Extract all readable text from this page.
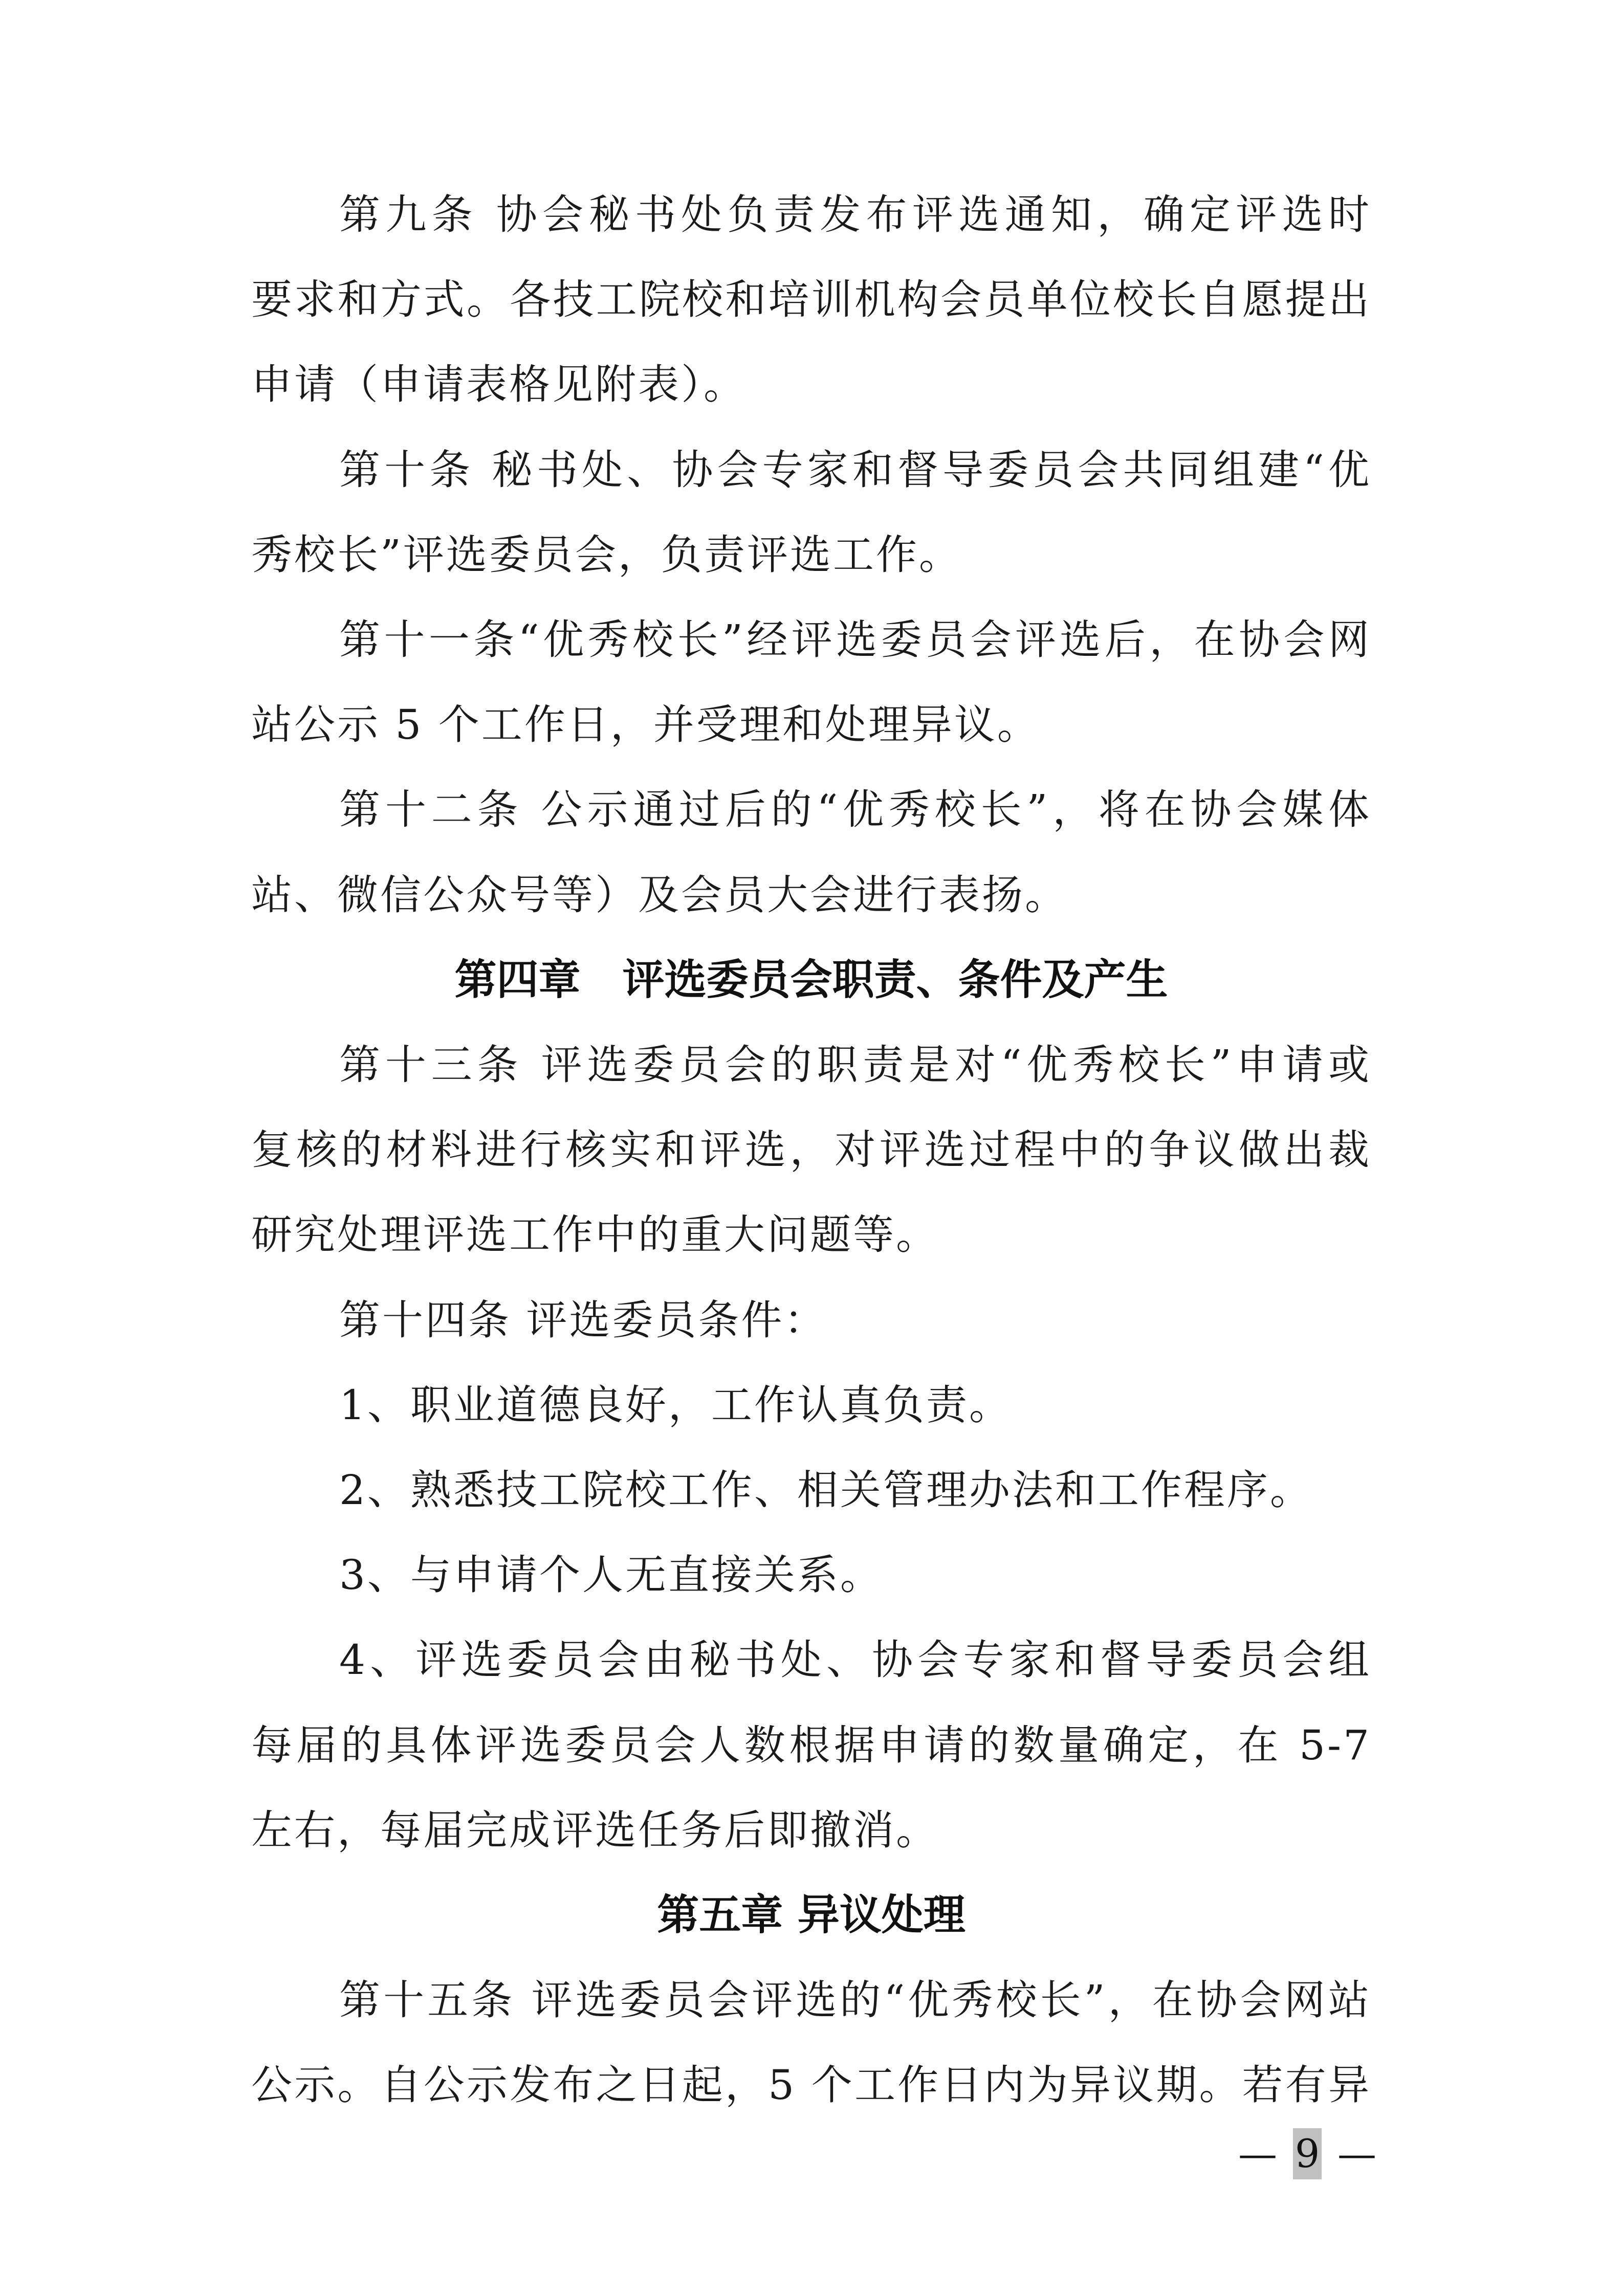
— 9 —
第九条 协会秘书处负责发布评选通知，确定评选时
要求和方式。各技工院校和培训机构会员单位校长自愿提出
申请（申请表格见附表）。
第十条 秘书处、协会专家和督导委员会共同组建“优
秀校长”评选委员会，负责评选工作。
第十一条“优秀校长”经评选委员会评选后，在协会网
站公示 5 个工作日，并受理和处理异议。
第十二条 公示通过后的“优秀校长”，将在协会媒体
站、微信公众号等）及会员大会进行表扬。
第四章　评选委员会职责、条件及产生
第十三条 评选委员会的职责是对“优秀校长”申请或
复核的材料进行核实和评选，对评选过程中的争议做出裁
研究处理评选工作中的重大问题等。
第十四条 评选委员条件：
1、职业道德良好，工作认真负责。
2、熟悉技工院校工作、相关管理办法和工作程序。
3、与申请个人无直接关系。
4、评选委员会由秘书处、协会专家和督导委员会组
每届的具体评选委员会人数根据申请的数量确定，在 5-7
左右，每届完成评选任务后即撤消。
第五章 异议处理
第十五条 评选委员会评选的“优秀校长”，在协会网站
公示。自公示发布之日起，5 个工作日内为异议期。若有异
